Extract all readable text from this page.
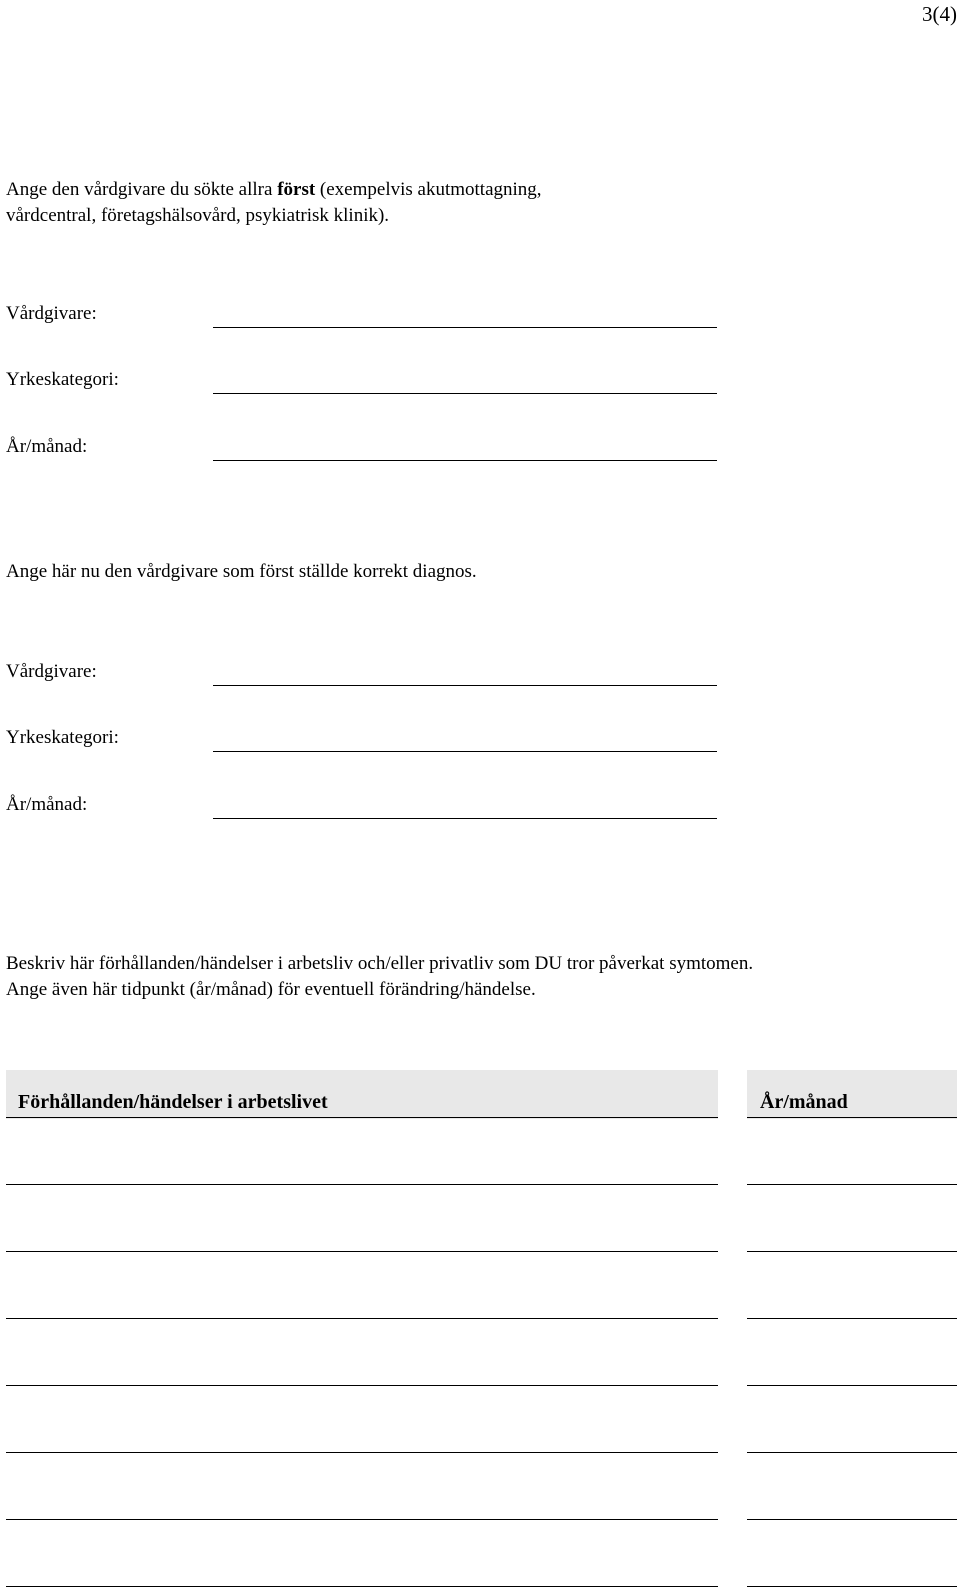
3(4)
Ange den vårdgivare du sökte allra först (exempelvis akutmottagning,
vårdcentral, företagshälsovård, psykiatrisk klinik).
Vårdgivare:
Yrkeskategori:
År/månad:
Ange här nu den vårdgivare som först ställde korrekt diagnos.
Vårdgivare:
Yrkeskategori:
År/månad:
Beskriv här förhållanden/händelser i arbetsliv och/eller privatliv som DU tror påverkat symtomen.
Ange även här tidpunkt (år/månad) för eventuell förändring/händelse.
Förhållanden/händelser i arbetslivet	År/månad
